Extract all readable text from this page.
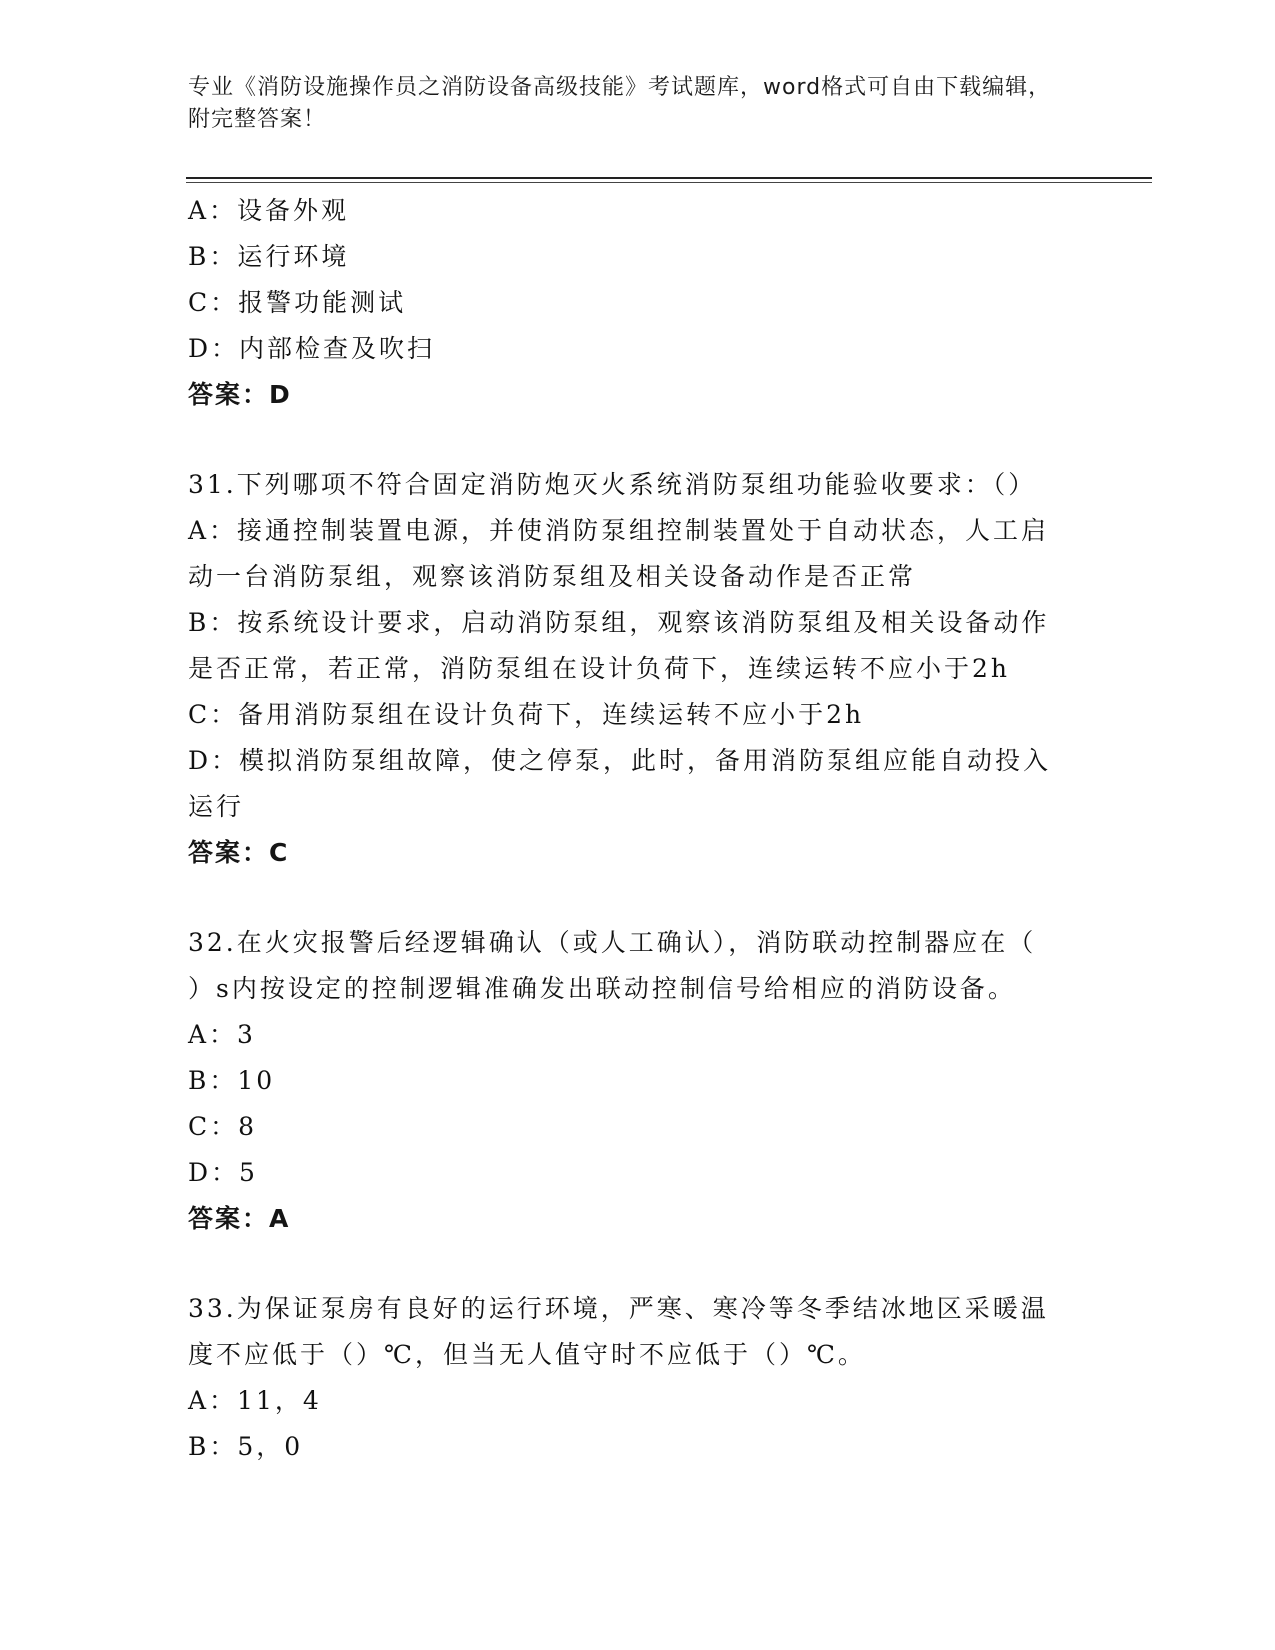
专业《消防设施操作员之消防设备高级技能》考试题库，word格式可自由下载编辑，附完整答案！
A：设备外观
B：运行环境
C：报警功能测试
D：内部检查及吹扫
答案：D
31.下列哪项不符合固定消防炮灭火系统消防泵组功能验收要求：（）
A：接通控制装置电源，并使消防泵组控制装置处于自动状态，人工启
动一台消防泵组，观察该消防泵组及相关设备动作是否正常
B：按系统设计要求，启动消防泵组，观察该消防泵组及相关设备动作
是否正常，若正常，消防泵组在设计负荷下，连续运转不应小于2h
C：备用消防泵组在设计负荷下，连续运转不应小于2h
D：模拟消防泵组故障，使之停泵，此时，备用消防泵组应能自动投入
运行
答案：C
32.在火灾报警后经逻辑确认（或人工确认），消防联动控制器应在（
）s内按设定的控制逻辑准确发出联动控制信号给相应的消防设备。
A：3
B：10
C：8
D：5
答案：A
33.为保证泵房有良好的运行环境，严寒、寒冷等冬季结冰地区采暖温
度不应低于（）℃，但当无人值守时不应低于（）℃。
A：11，4
B：5，0
